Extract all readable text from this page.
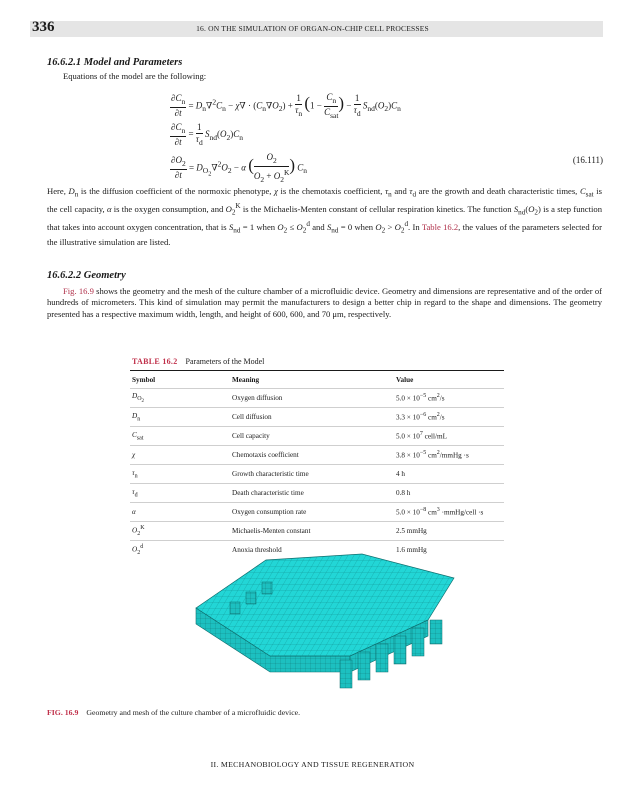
336	16. ON THE SIMULATION OF ORGAN-ON-CHIP CELL PROCESSES
16.6.2.1 Model and Parameters
Equations of the model are the following:
$\frac{\partial C_n}{\partial t} = D_n\nabla^2C_n - \chi\nabla \cdot (C_n\nabla O_2) + \frac{1}{\tau_n} (1 - \frac{C_n}{C_{sat}}$ ) − $\frac{1}{\tau_d} S_{nd}(O_2)C_n$
$\frac{\partial C_n}{\partial t} = \frac{1}{\tau_d} S_{nd}(O_2)C_n$
$\frac{\partial O_2}{\partial t} = D_{O_2}\nabla^2O_2 - \alpha$ ( $\frac{O_2}{O_2 + O_2^K}$ ) $C_n$
(16.111)
Here, $D_n$ is the diffusion coefficient of the normoxic phenotype, χ is the chemotaxis coefficient, $\tau_n$ and $\tau_d$ are the growth and death characteristic times, $C_{sat}$ is the cell capacity, α is the oxygen consumption, and $O_2^K$ is the Michaelis-Menten constant of cellular respiration kinetics. The function $S_{nd}(O_2)$ is a step function that takes into account oxygen concentration, that is $S_{nd} = 1$ when $O_2 \le O_2^d$ and $S_{nd} = 0$ when $O_2 > O_2^d$. In Table 16.2, the values of the parameters selected for the illustrative simulation are listed.
16.6.2.2 Geometry
Fig. 16.9 shows the geometry and the mesh of the culture chamber of a microfluidic device. Geometry and dimensions are representative and of the order of hundreds of micrometers. This kind of simulation may permit the manufacturers to design a better chip in regard to the shape and dimensions. The geometry presented has a respective maximum width, length, and height of 600, 600, and 70 μm, respectively.
TABLE 16.2 Parameters of the Model
Symbol	Meaning	Value
$D_{O_2}$	Oxygen diffusion	$5.0 \times 10^{-5}$ $cm^2/s$
$D_n$	Cell diffusion	$3.3 \times 10^{-6}$ $cm^2/s$
$C_{sat}$	Cell capacity	$5.0 \times 10^7$ cell/mL
χ	Chemotaxis coefficient	$3.8 \times 10^{-5}$ $cm^2$/mmHg ·s
$\tau_n$	Growth characteristic time	4 h
$\tau_d$	Death characteristic time	0.8 h
α	Oxygen consumption rate	$5.0 \times 10^{-8}$ $cm^3$ ·mmHg/cell ·s
$O_2^K$	Michaelis-Menten constant	2.5 mmHg
$O_2^d$	Anoxia threshold	1.6 mmHg
FIG. 16.9 Geometry and mesh of the culture chamber of a microfluidic device.
II. MECHANOBIOLOGY AND TISSUE REGENERATION
